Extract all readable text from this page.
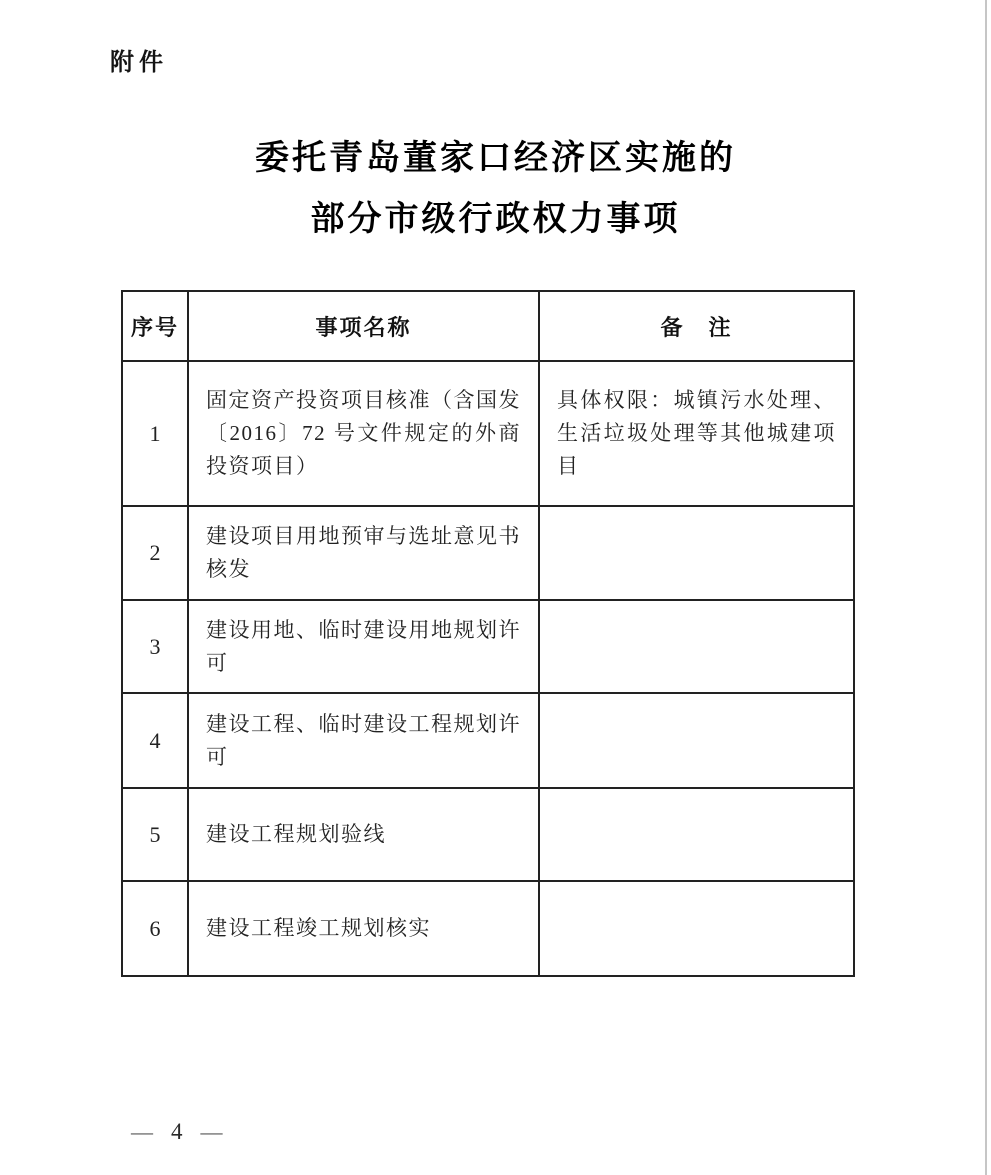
附件
委托青岛董家口经济区实施的
部分市级行政权力事项
序号	事项名称	备　注
1	固定资产投资项目核准（含国发〔2016〕72 号文件规定的外商投资项目）	具体权限：城镇污水处理、生活垃圾处理等其他城建项目
2	建设项目用地预审与选址意见书核发	
3	建设用地、临时建设用地规划许可	
4	建设工程、临时建设工程规划许可	
5	建设工程规划验线	
6	建设工程竣工规划核实	
— 4 —
